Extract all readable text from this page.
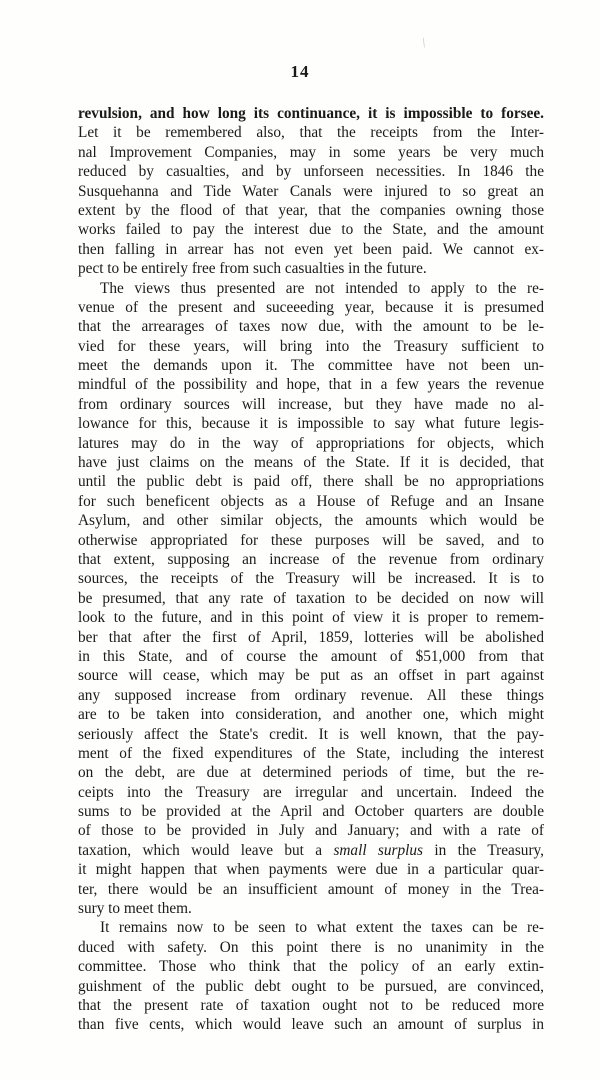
\
14
revulsion, and how long its continuance, it is impossible to forsee.
Let it be remembered also, that the receipts from the Inter-
nal Improvement Companies, may in some years be very much
reduced by casualties, and by unforseen necessities. In 1846 the
Susquehanna and Tide Water Canals were injured to so great an
extent by the flood of that year, that the companies owning those
works failed to pay the interest due to the State, and the amount
then falling in arrear has not even yet been paid. We cannot ex-
pect to be entirely free from such casualties in the future.
The views thus presented are not intended to apply to the re-
venue of the present and suceeeding year, because it is presumed
that the arrearages of taxes now due, with the amount to be le-
vied for these years, will bring into the Treasury sufficient to
meet the demands upon it. The committee have not been un-
mindful of the possibility and hope, that in a few years the revenue
from ordinary sources will increase, but they have made no al-
lowance for this, because it is impossible to say what future legis-
latures may do in the way of appropriations for objects, which
have just claims on the means of the State. If it is decided, that
until the public debt is paid off, there shall be no appropriations
for such beneficent objects as a House of Refuge and an Insane
Asylum, and other similar objects, the amounts which would be
otherwise appropriated for these purposes will be saved, and to
that extent, supposing an increase of the revenue from ordinary
sources, the receipts of the Treasury will be increased. It is to
be presumed, that any rate of taxation to be decided on now will
look to the future, and in this point of view it is proper to remem-
ber that after the first of April, 1859, lotteries will be abolished
in this State, and of course the amount of $51,000 from that
source will cease, which may be put as an offset in part against
any supposed increase from ordinary revenue. All these things
are to be taken into consideration, and another one, which might
seriously affect the State's credit. It is well known, that the pay-
ment of the fixed expenditures of the State, including the interest
on the debt, are due at determined periods of time, but the re-
ceipts into the Treasury are irregular and uncertain. Indeed the
sums to be provided at the April and October quarters are double
of those to be provided in July and January; and with a rate of
taxation, which would leave but a small surplus in the Treasury,
it might happen that when payments were due in a particular quar-
ter, there would be an insufficient amount of money in the Trea-
sury to meet them.
It remains now to be seen to what extent the taxes can be re-
duced with safety. On this point there is no unanimity in the
committee. Those who think that the policy of an early extin-
guishment of the public debt ought to be pursued, are convinced,
that the present rate of taxation ought not to be reduced more
than five cents, which would leave such an amount of surplus in
